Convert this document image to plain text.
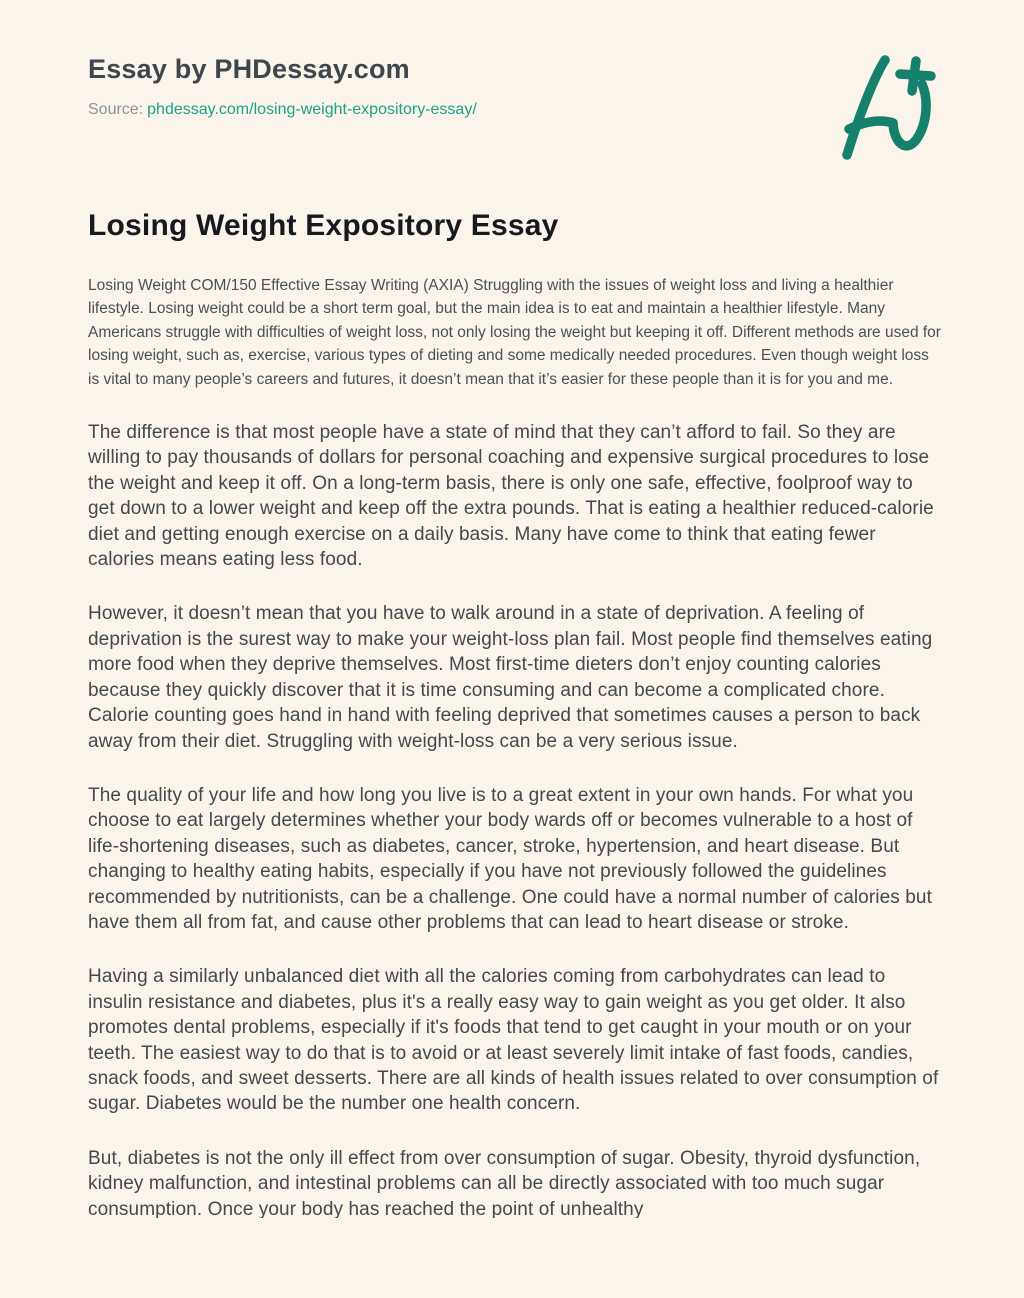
Essay by PHDessay.com
Source: phdessay.com/losing-weight-expository-essay/
Losing Weight Expository Essay

Losing Weight COM/150 Effective Essay Writing (AXIA) Struggling with the issues of weight loss and living a healthier lifestyle. Losing weight could be a short term goal, but the main idea is to eat and maintain a healthier lifestyle. Many Americans struggle with difficulties of weight loss, not only losing the weight but keeping it off. Different methods are used for losing weight, such as, exercise, various types of dieting and some medically needed procedures. Even though weight loss is vital to many people’s careers and futures, it doesn’t mean that it’s easier for these people than it is for you and me.

The difference is that most people have a state of mind that they can’t afford to fail. So they are willing to pay thousands of dollars for personal coaching and expensive surgical procedures to lose the weight and keep it off. On a long-term basis, there is only one safe, effective, foolproof way to get down to a lower weight and keep off the extra pounds. That is eating a healthier reduced-calorie diet and getting enough exercise on a daily basis. Many have come to think that eating fewer calories means eating less food.

However, it doesn’t mean that you have to walk around in a state of deprivation. A feeling of deprivation is the surest way to make your weight-loss plan fail. Most people find themselves eating more food when they deprive themselves. Most first-time dieters don’t enjoy counting calories because they quickly discover that it is time consuming and can become a complicated chore. Calorie counting goes hand in hand with feeling deprived that sometimes causes a person to back away from their diet. Struggling with weight-loss can be a very serious issue.

The quality of your life and how long you live is to a great extent in your own hands. For what you choose to eat largely determines whether your body wards off or becomes vulnerable to a host of life-shortening diseases, such as diabetes, cancer, stroke, hypertension, and heart disease. But changing to healthy eating habits, especially if you have not previously followed the guidelines recommended by nutritionists, can be a challenge. One could have a normal number of calories but have them all from fat, and cause other problems that can lead to heart disease or stroke.

Having a similarly unbalanced diet with all the calories coming from carbohydrates can lead to insulin resistance and diabetes, plus it's a really easy way to gain weight as you get older. It also promotes dental problems, especially if it's foods that tend to get caught in your mouth or on your teeth. The easiest way to do that is to avoid or at least severely limit intake of fast foods, candies, snack foods, and sweet desserts. There are all kinds of health issues related to over consumption of sugar. Diabetes would be the number one health concern.

But, diabetes is not the only ill effect from over consumption of sugar. Obesity, thyroid dysfunction, kidney malfunction, and intestinal problems can all be directly associated with too much sugar consumption. Once your body has reached the point of unhealthy
